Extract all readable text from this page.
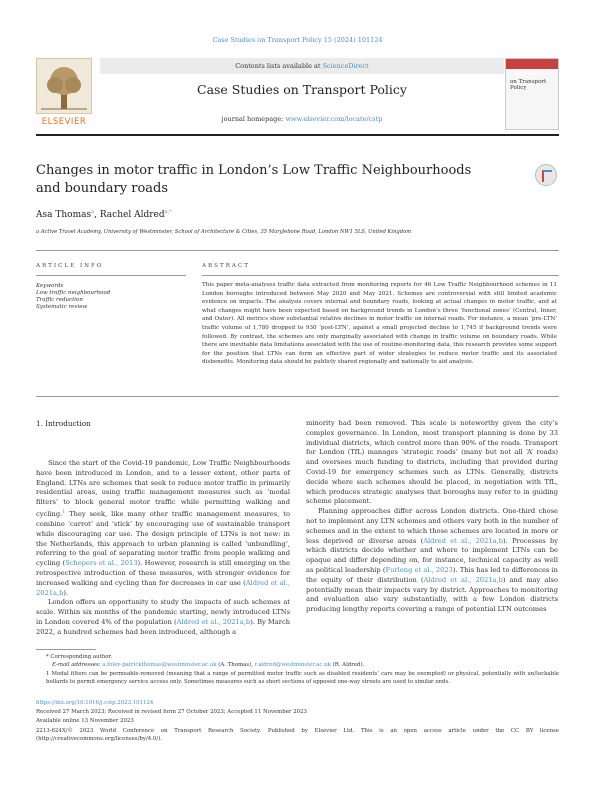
Case Studies on Transport Policy 15 (2024) 101124
ELSEVIER
Contents lists available at ScienceDirect
Case Studies on Transport Policy
journal homepage: www.elsevier.com/locate/cstp
Case Studies
on Transport Policy
Changes in motor traffic in London’s Low Traffic Neighbourhoods and boundary roads
Asa Thomas$^a$, Rachel Aldred$^{a,*}$
a Active Travel Academy, University of Westminster, School of Architecture & Cities, 35 Marylebone Road, London NW1 5LS, United Kingdom
ARTICLE INFO
Keywords
Low traffic neighbourhood
Traffic reduction
Systematic review
ABSTRACT
This paper meta-analyses traffic data extracted from monitoring reports for 46 Low Traffic Neighbourhood schemes in 11 London boroughs introduced between May 2020 and May 2021. Schemes are controversial with still limited academic evidence on impacts. The analysis covers internal and boundary roads, looking at actual changes in motor traffic, and at what changes might have been expected based on background trends in London’s three ‘functional zones’ (Central, Inner, and Outer). All metrics show substantial relative declines in motor traffic on internal roads. For instance, a mean ‘pre-LTN’ traffic volume of 1,780 dropped to 930 ‘post-LTN’, against a small projected decline to 1,745 if background trends were followed. By contrast, the schemes are only marginally associated with change in traffic volume on boundary roads. While there are inevitable data limitations associated with the use of routine-monitoring data, this research provides some support for the position that LTNs can form an effective part of wider strategies to reduce motor traffic and its associated disbenefits. Monitoring data should be publicly shared regionally and nationally to aid analysis.
1. Introduction

Since the start of the Covid-19 pandemic, Low Traffic Neighbourhoods have been introduced in London, and to a lesser extent, other parts of England. LTNs are schemes that seek to reduce motor traffic in primarily residential areas, using traffic management measures such as ‘modal filters’ to block general motor traffic while permitting walking and cycling.$^1$ They seek, like many other traffic management measures, to combine ‘carrot’ and ‘stick’ by encouraging use of sustainable transport while discouraging car use. The design principle of LTNs is not new: in the Netherlands, this approach to urban planning is called ‘unbundling’, referring to the goal of separating motor traffic from people walking and cycling (Schepers et al., 2013). However, research is still emerging on the retrospective introduction of these measures, with stronger evidence for increased walking and cycling than for decreases in car use (Aldred et al., 2021a,b).

London offers an opportunity to study the impacts of such schemes at scale. Within six months of the pandemic starting, newly introduced LTNs in London covered 4% of the population (Aldred et al., 2021a,b). By March 2022, a hundred schemes had been introduced, although a

minority had been removed. This scale is noteworthy given the city’s complex governance. In London, most transport planning is done by 33 individual districts, which control more than 90% of the roads. Transport for London (TfL) manages ‘strategic roads’ (many but not all ‘A’ roads) and oversees much funding to districts, including that provided during Covid-19 for emergency schemes such as LTNs. Generally, districts decide where such schemes should be placed, in negotiation with TfL, which produces strategic analyses that boroughs may refer to in guiding scheme placement.

Planning approaches differ across London districts. One-third chose not to implement any LTN schemes and others vary both in the number of schemes and in the extent to which those schemes are located in more or less deprived or diverse areas (Aldred et al., 2021a,b). Processes by which districts decide whether and where to implement LTNs can be opaque and differ depending on, for instance, technical capacity as well as political leadership (Furlong et al., 2023). This has led to differences in the equity of their distribution (Aldred et al., 2021a,b) and may also potentially mean their impacts vary by district. Approaches to monitoring and evaluation also vary substantially, with a few London districts producing lengthy reports covering a range of potential LTN outcomes

* Corresponding author.
E-mail addresses: a.foley-patrickthomas@westminster.ac.uk (A. Thomas), r.aldred@westminster.ac.uk (R. Aldred).
1 Modal filters can be permeable-removed (meaning that a range of permitted motor traffic such as disabled residents’ cars may be exempted) or physical, potentially with un/lockable bollards to permit emergency service access only. Sometimes measures such as short sections of opposed one-way streets are used to similar ends.
https://doi.org/10.1016/j.cstp.2023.101124
Received 27 March 2023; Received in revised form 27 October 2023; Accepted 11 November 2023
Available online 13 November 2023
2213-624X/© 2023 World Conference on Transport Research Society. Published by Elsevier Ltd. This is an open access article under the CC BY license (http://creativecommons.org/licenses/by/4.0/).
